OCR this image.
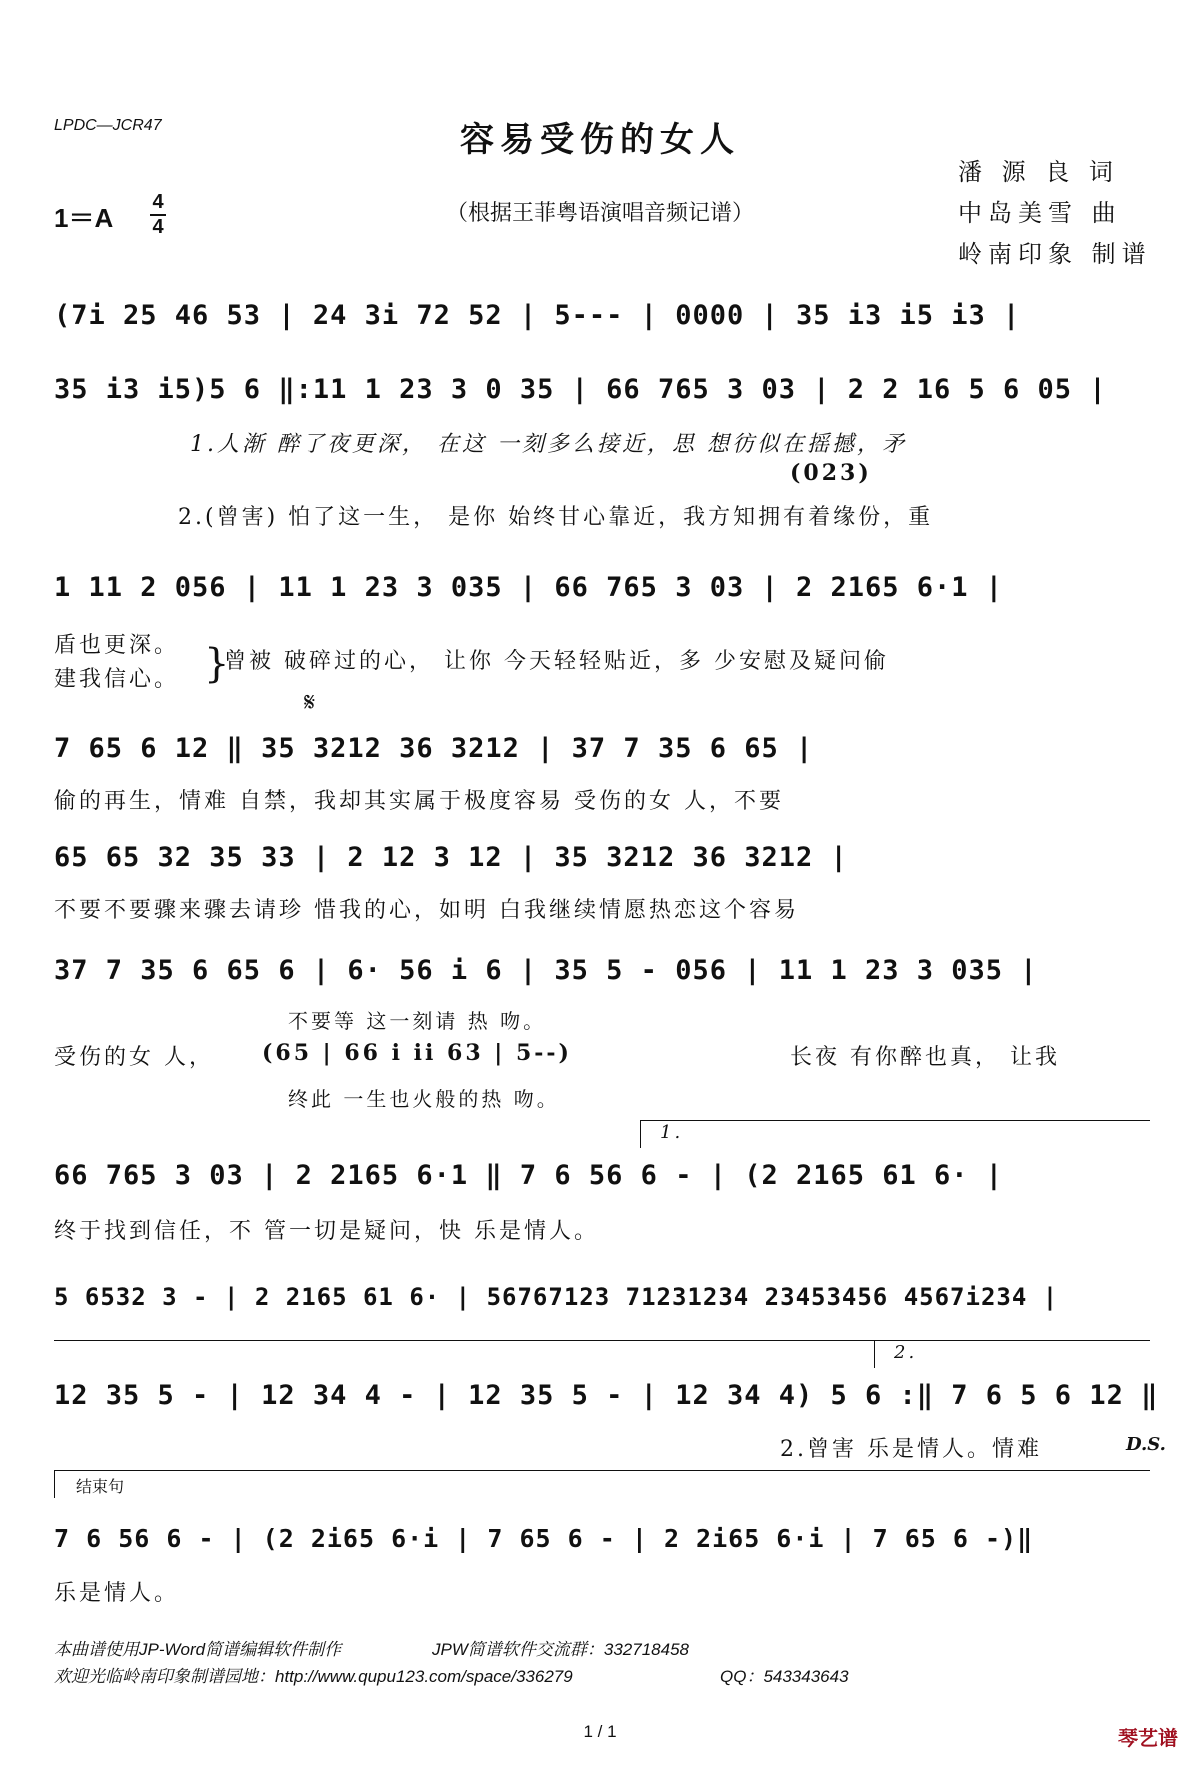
LPDC—JCR47	容易受伤的女人
（根据王菲粤语演唱音频记谱）
潘 源 良 词
中岛美雪 曲
岭南印象 制谱
1＝A
4
4
(7i 25 46 53 | 24 3i 72 52 | 5--- | 0000 | 35 i3 i5 i3 |
35 i3 i5)5 6 ‖:11 1 23 3 0 35 | 66 765 3 03 | 2 2 16 5 6 05 |
1.人渐 醉了夜更深， 在这 一刻多么接近，思 想彷似在摇撼，矛
(023)
2.(曾害) 怕了这一生， 是你 始终甘心靠近，我方知拥有着缘份，重
1 11 2 056 | 11 1 23 3 035 | 66 765 3 03 | 2 2165 6·1 |
盾也更深。
建我信心。 }
曾被 破碎过的心， 让你 今天轻轻贴近，多 少安慰及疑问偷
𝄋
7 65 6 12 ‖ 35 3212 36 3212 | 37 7 35 6 65 |
偷的再生，情难 自禁，我却其实属于极度容易 受伤的女 人，不要
65 65 32 35 33 | 2 12 3 12 | 35 3212 36 3212 |
不要不要骤来骤去请珍 惜我的心，如明 白我继续情愿热恋这个容易
37 7 35 6 65 6 | 6· 56 i 6 | 35 5 - 056 | 11 1 23 3 035 |
不要等 这一刻请 热 吻。
受伤的女 人， (65 | 66 i ii 63 | 5--)	长夜 有你醉也真， 让我
终此 一生也火般的热 吻。
1.
66 765 3 03 | 2 2165 6·1 ‖ 7 6 56 6 - | (2 2165 61 6· |
终于找到信任，不 管一切是疑问，快 乐是情人。
5 6532 3 - | 2 2165 61 6· | 56767123 71231234 23453456 4567i234 |
2.
12 35 5 - | 12 34 4 - | 12 35 5 - | 12 34 4) 5 6 :‖ 7 6 5 6 12 ‖
2.曾害 乐是情人。情难	D.S.
结束句
7 6 56 6 - | (2 2i65 6·i | 7 65 6 - | 2 2i65 6·i | 7 65 6 -)‖
乐是情人。
本曲谱使用JP-Word简谱编辑软件制作	JPW简谱软件交流群：332718458
欢迎光临岭南印象制谱园地：http://www.qupu123.com/space/336279	QQ：543343643
1 / 1	琴艺谱
